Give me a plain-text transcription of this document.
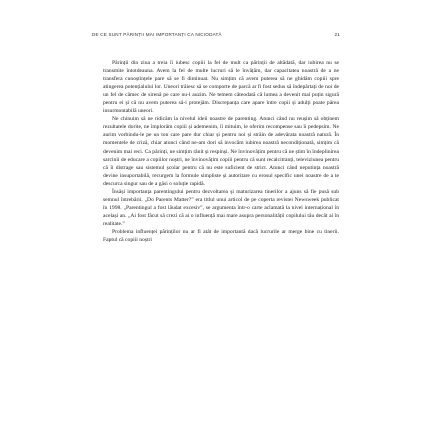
DE CE SUNT PĂRINȚII MAI IMPORTANȚI CA NICIODATĂ	21

Părinții din ziua a treia îi iubesc copiii la fel de mult ca părinții de altădată, dar iubirea nu se transmite întotdeauna. Avem la fel de multe lucruri să le învățăm, dar capacitatea noastră de a ne transfera cunoștințele pare să se fi diminuat. Nu simțim că avem puterea să ne ghidăm copiii spre atingerea potențialului lor. Uneori trăiesc să se comporte de parcă ar fi fost sedus să îndepărtați de noi de un fel de câmec de sirenă pe care nu-l auzim. Ne temem câteodată că lumea a devenit mai puțin sigură pentru ei și că nu avem puterea să-i protejăm. Discrepanța care apare între copii și adulți poate părea insurmontabilă uneori.

Ne chinuim să ne ridicăm la nivelul ideii noastre de parenting. Atunci când nu reușim să obținem rezultatele dorite, ne împlorăm copiii și ademenim, îi mituim, le oferim recompense sau îi pedepsim. Ne aurim vorbindu-le pe un ton care pare dur chiar și pentru noi și străin de adevărata noastră natură. În momentele de criză, chiar atunci când ne-am dori să invocăm iubirea noastră necondiționată, simțim că devenim mai reci. Ca părinți, ne simțim rănit și respinși. Ne învinovățim pentru că ne știm în îndeplinirea sarcinii de educare a copiilor noștri, ne învinovățim copiii pentru că sunt recalcitranți, televiziunea pentru că îi distrage sau sistemul școlar pentru că nu este suficient de strict. Atunci când neputința noastră devine insuportabilă, recurgem la formule simpliste și autoritare cu erosul specific unei noastre de a te descurca singur sau de a găsi o soluție rapidă.

Însăși importanța parentingului pentru dezvoltarea și maturizarea tinerilor a ajuns să fie pusă sub semnul întrebării. „Do Parents Matter?” era titlul unui articol de pe coperta revistei Newsweek publicat în 1998. „Parentingul a fost lăudat excesiv”, se argumenta într-o carte aclamată la nivel internațional în același an. „Ai fost făcut să crezi că ai o influență mai mare asupra personalității copilului tău decât ai în realitate.”

Problema influenței părinților nu ar fi atât de importantă dacă lucrurile ar merge bine cu tinerii. Faptul că copiii noștri
